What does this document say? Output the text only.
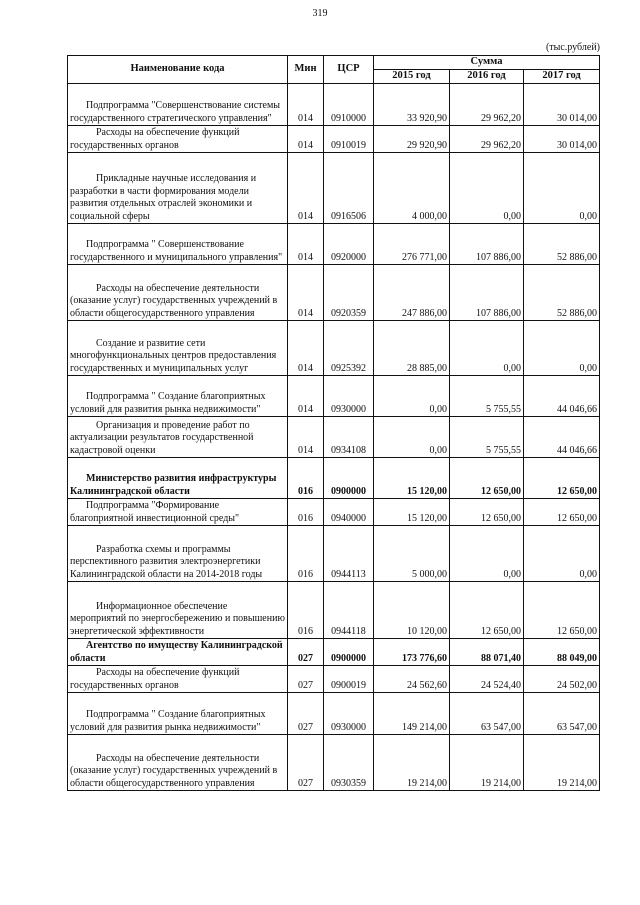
319
(тыс.рублей)
Наименование кода	Мин	ЦСР	Сумма		
			2015 год	2016 год	2017 год
Подпрограмма "Совершенствование системы государственного стратегического управления"	014	0910000	33 920,90	29 962,20	30 014,00
Расходы на обеспечение функций государственных органов	014	0910019	29 920,90	29 962,20	30 014,00
Прикладные научные исследования и разработки в части формирования модели развития отдельных отраслей экономики и социальной сферы	014	0916506	4 000,00	0,00	0,00
Подпрограмма " Совершенствование государственного и муниципального управления"	014	0920000	276 771,00	107 886,00	52 886,00
Расходы на обеспечение деятельности (оказание услуг) государственных учреждений в области общегосударственного управления	014	0920359	247 886,00	107 886,00	52 886,00
Создание и развитие сети многофункциональных центров предоставления государственных и муниципальных услуг	014	0925392	28 885,00	0,00	0,00
Подпрограмма " Создание благоприятных условий для развития рынка недвижимости"	014	0930000	0,00	5 755,55	44 046,66
Организация и проведение работ по актуализации результатов государственной кадастровой оценки	014	0934108	0,00	5 755,55	44 046,66
Министерство развития инфраструктуры Калининградской области	016	0900000	15 120,00	12 650,00	12 650,00
Подпрограмма "Формирование благоприятной инвестиционной среды"	016	0940000	15 120,00	12 650,00	12 650,00
Разработка схемы и программы перспективного развития электроэнергетики Калининградской области на 2014-2018 годы	016	0944113	5 000,00	0,00	0,00
Информационное обеспечение мероприятий по энергосбережению и повышению энергетической эффективности	016	0944118	10 120,00	12 650,00	12 650,00
Агентство по имуществу Калининградской области	027	0900000	173 776,60	88 071,40	88 049,00
Расходы на обеспечение функций государственных органов	027	0900019	24 562,60	24 524,40	24 502,00
Подпрограмма " Создание благоприятных условий для развития рынка недвижимости"	027	0930000	149 214,00	63 547,00	63 547,00
Расходы на обеспечение деятельности (оказание услуг) государственных учреждений в области общегосударственного управления	027	0930359	19 214,00	19 214,00	19 214,00
